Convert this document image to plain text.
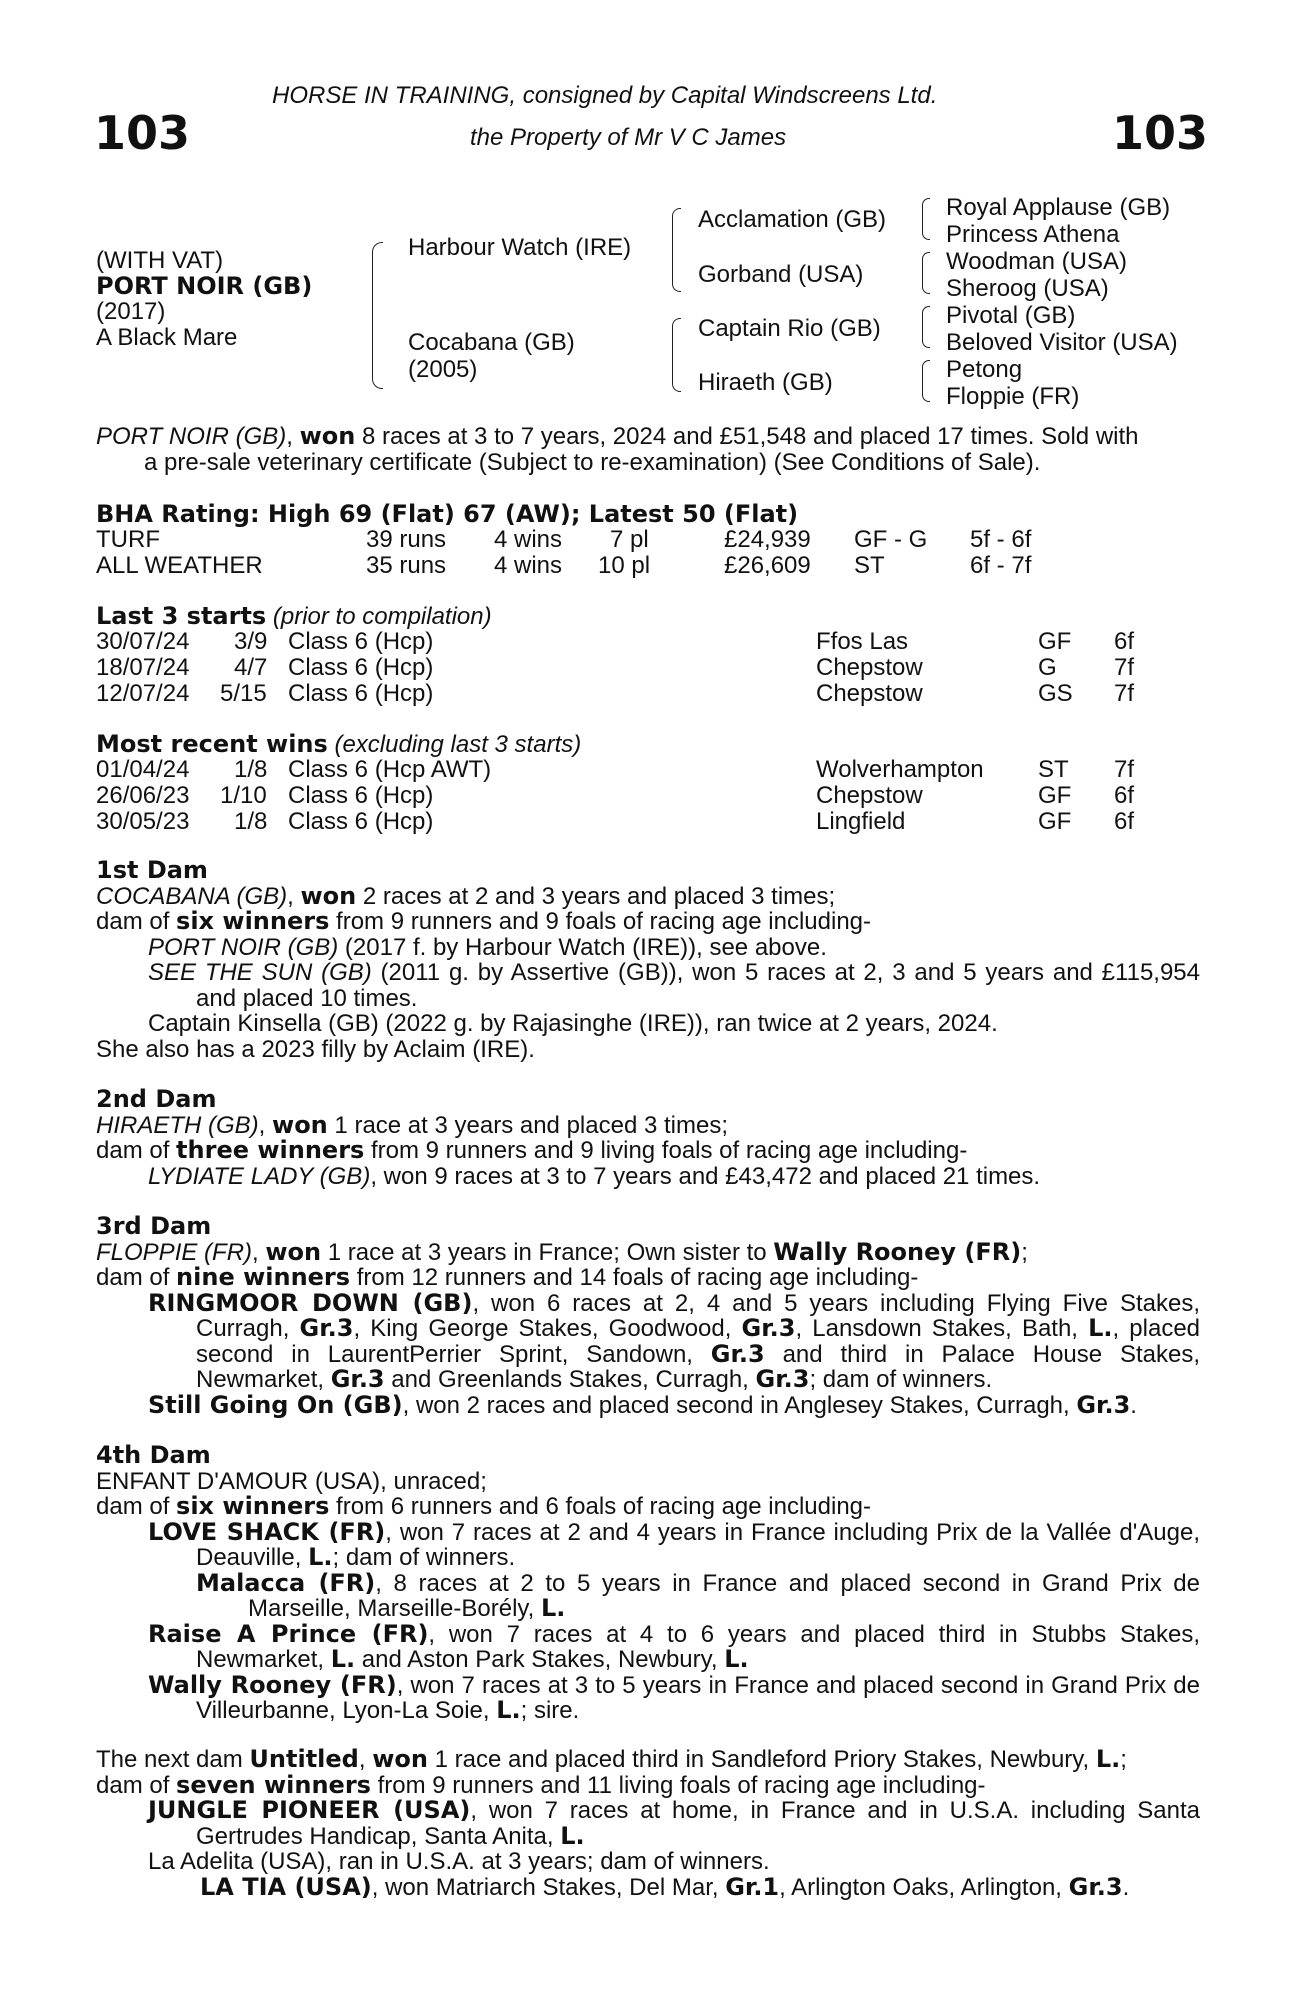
103	103
HORSE IN TRAINING, consigned by Capital Windscreens Ltd.
the Property of Mr V C James
(WITH VAT)
PORT NOIR (GB)
(2017)
A Black Mare
Harbour Watch (IRE)
Cocabana (GB)
(2005)
Acclamation (GB)
Gorband (USA)
Captain Rio (GB)
Hiraeth (GB)
Royal Applause (GB)
Princess Athena
Woodman (USA)
Sheroog (USA)
Pivotal (GB)
Beloved Visitor (USA)
Petong
Floppie (FR)
PORT NOIR (GB), won 8 races at 3 to 7 years, 2024 and £51,548 and placed 17 times. Sold with
a pre-sale veterinary certificate (Subject to re-examination) (See Conditions of Sale).
BHA Rating: High 69 (Flat) 67 (AW); Latest 50 (Flat)
TURF	39 runs 4 wins 7 pl	£24,939 GF - G 5f - 6f
ALL WEATHER	35 runs 4 wins 10 pl	£26,609 ST	6f - 7f
Last 3 starts (prior to compilation)
30/07/24 3/9 Class 6 (Hcp)	Ffos Las	GF 6f
18/07/24 4/7 Class 6 (Hcp)	Chepstow	G 7f
12/07/24 5/15 Class 6 (Hcp)	Chepstow	GS 7f
Most recent wins (excluding last 3 starts)
01/04/24 1/8 Class 6 (Hcp AWT)	Wolverhampton ST 7f
26/06/23 1/10 Class 6 (Hcp)	Chepstow	GF 6f
30/05/23 1/8 Class 6 (Hcp)	Lingfield	GF 6f
1st Dam
COCABANA (GB), won 2 races at 2 and 3 years and placed 3 times;
dam of six winners from 9 runners and 9 foals of racing age including-
PORT NOIR (GB) (2017 f. by Harbour Watch (IRE)), see above.
SEE THE SUN (GB) (2011 g. by Assertive (GB)), won 5 races at 2, 3 and 5 years and £115,954 and placed 10 times.
Captain Kinsella (GB) (2022 g. by Rajasinghe (IRE)), ran twice at 2 years, 2024.
She also has a 2023 filly by Aclaim (IRE).
2nd Dam
HIRAETH (GB), won 1 race at 3 years and placed 3 times;
dam of three winners from 9 runners and 9 living foals of racing age including-
LYDIATE LADY (GB), won 9 races at 3 to 7 years and £43,472 and placed 21 times.
3rd Dam
FLOPPIE (FR), won 1 race at 3 years in France; Own sister to Wally Rooney (FR);
dam of nine winners from 12 runners and 14 foals of racing age including-
RINGMOOR DOWN (GB), won 6 races at 2, 4 and 5 years including Flying Five Stakes, Curragh, Gr.3, King George Stakes, Goodwood, Gr.3, Lansdown Stakes, Bath, L., placed second in LaurentPerrier Sprint, Sandown, Gr.3 and third in Palace House Stakes, Newmarket, Gr.3 and Greenlands Stakes, Curragh, Gr.3; dam of winners.
Still Going On (GB), won 2 races and placed second in Anglesey Stakes, Curragh, Gr.3.
4th Dam
ENFANT D'AMOUR (USA), unraced;
dam of six winners from 6 runners and 6 foals of racing age including-
LOVE SHACK (FR), won 7 races at 2 and 4 years in France including Prix de la Vallée d'Auge, Deauville, L.; dam of winners.
Malacca (FR), 8 races at 2 to 5 years in France and placed second in Grand Prix de Marseille, Marseille-Borély, L.
Raise A Prince (FR), won 7 races at 4 to 6 years and placed third in Stubbs Stakes, Newmarket, L. and Aston Park Stakes, Newbury, L.
Wally Rooney (FR), won 7 races at 3 to 5 years in France and placed second in Grand Prix de Villeurbanne, Lyon-La Soie, L.; sire.
The next dam Untitled, won 1 race and placed third in Sandleford Priory Stakes, Newbury, L.;
dam of seven winners from 9 runners and 11 living foals of racing age including-
JUNGLE PIONEER (USA), won 7 races at home, in France and in U.S.A. including Santa Gertrudes Handicap, Santa Anita, L.
La Adelita (USA), ran in U.S.A. at 3 years; dam of winners.
LA TIA (USA), won Matriarch Stakes, Del Mar, Gr.1, Arlington Oaks, Arlington, Gr.3.
